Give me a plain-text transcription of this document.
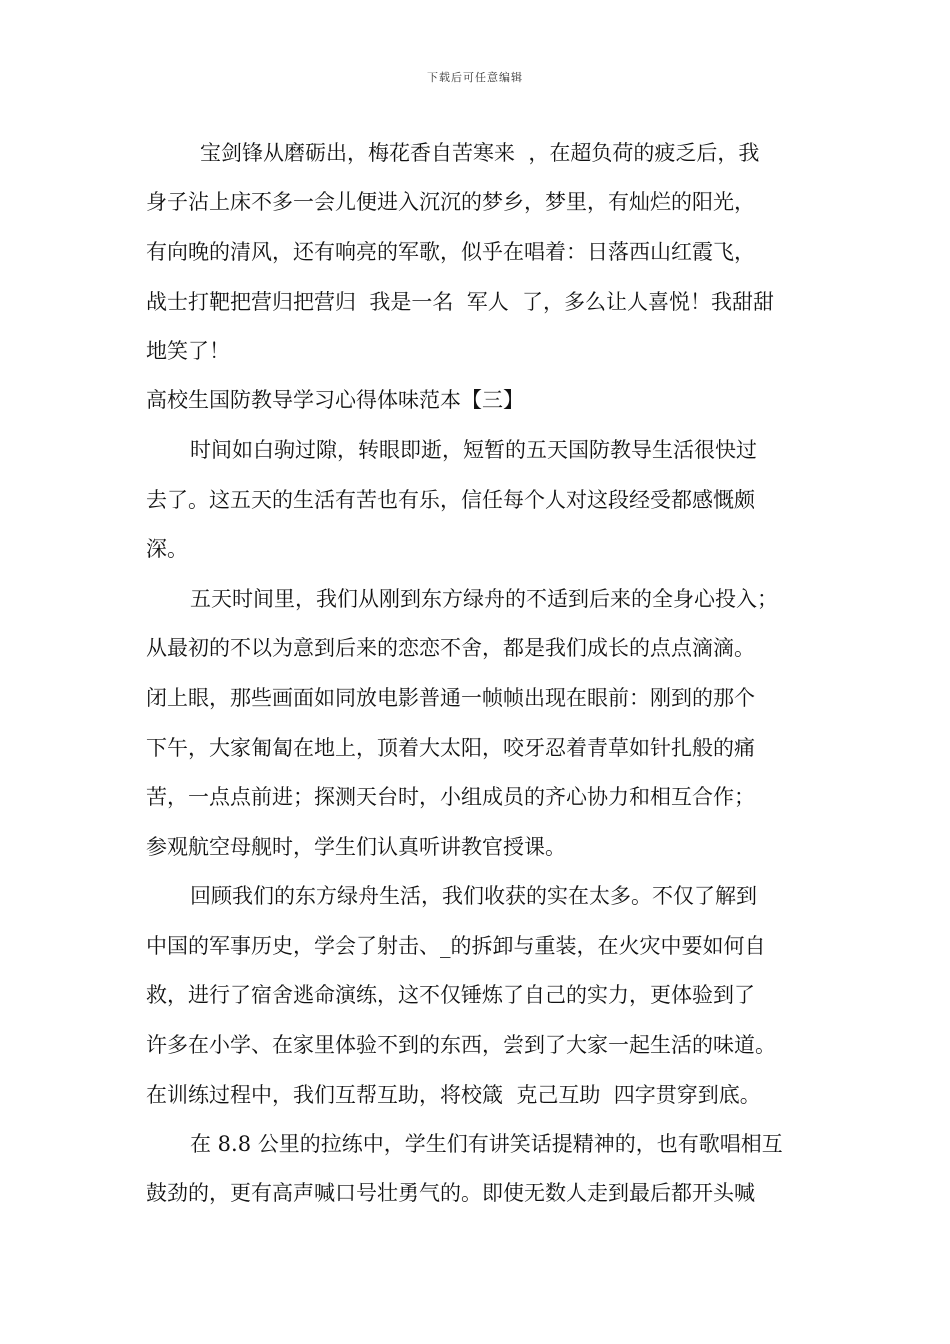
下载后可任意编辑
宝剑锋从磨砺出，梅花香自苦寒来  ，在超负荷的疲乏后，我
身子沾上床不多一会儿便进入沉沉的梦乡，梦里，有灿烂的阳光，
有向晚的清风，还有响亮的军歌，似乎在唱着：日落西山红霞飞，
战士打靶把营归把营归  我是一名  军人  了，多么让人喜悦！我甜甜
地笑了！
高校生国防教导学习心得体味范本【三】
时间如白驹过隙，转眼即逝，短暂的五天国防教导生活很快过
去了。这五天的生活有苦也有乐，信任每个人对这段经受都感慨颇
深。
五天时间里，我们从刚到东方绿舟的不适到后来的全身心投入；
从最初的不以为意到后来的恋恋不舍，都是我们成长的点点滴滴。
闭上眼，那些画面如同放电影普通一帧帧出现在眼前：刚到的那个
下午，大家匍匐在地上，顶着大太阳，咬牙忍着青草如针扎般的痛
苦，一点点前进；探测天台时，小组成员的齐心协力和相互合作；
参观航空母舰时，学生们认真听讲教官授课。
回顾我们的东方绿舟生活，我们收获的实在太多。不仅了解到
中国的军事历史，学会了射击、_的拆卸与重装，在火灾中要如何自
救，进行了宿舍逃命演练，这不仅锤炼了自己的实力，更体验到了
许多在小学、在家里体验不到的东西，尝到了大家一起生活的味道。
在训练过程中，我们互帮互助，将校箴  克己互助  四字贯穿到底。
在 8.8 公里的拉练中，学生们有讲笑话提精神的，也有歌唱相互
鼓劲的，更有高声喊口号壮勇气的。即使无数人走到最后都开头喊
